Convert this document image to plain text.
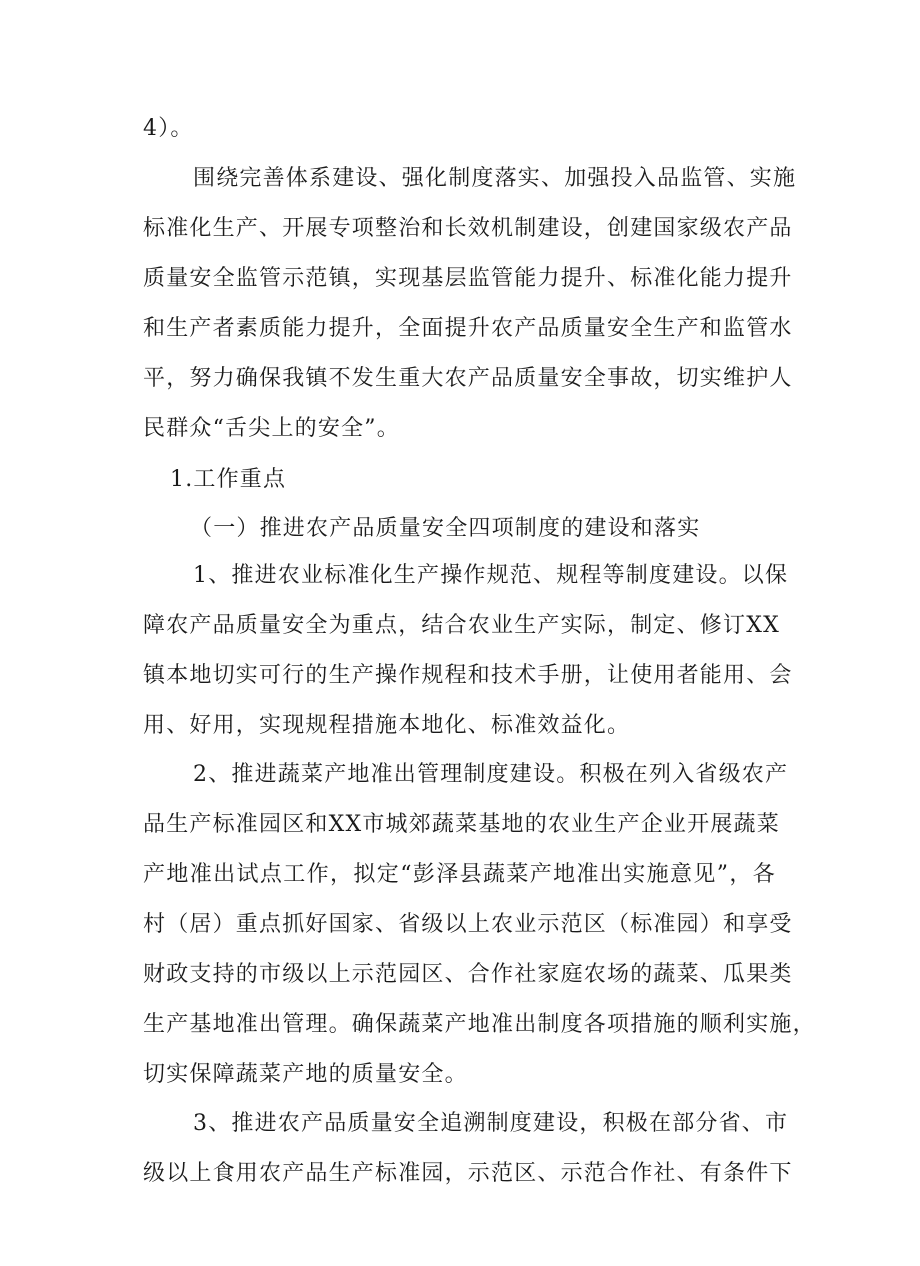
4）。
围绕完善体系建设、强化制度落实、加强投入品监管、实施
标准化生产、开展专项整治和长效机制建设，创建国家级农产品
质量安全监管示范镇，实现基层监管能力提升、标准化能力提升
和生产者素质能力提升，全面提升农产品质量安全生产和监管水
平，努力确保我镇不发生重大农产品质量安全事故，切实维护人
民群众“舌尖上的安全”。
1.工作重点
（一）推进农产品质量安全四项制度的建设和落实
1、推进农业标准化生产操作规范、规程等制度建设。以保
障农产品质量安全为重点，结合农业生产实际，制定、修订XX
镇本地切实可行的生产操作规程和技术手册，让使用者能用、会
用、好用，实现规程措施本地化、标准效益化。
2、推进蔬菜产地准出管理制度建设。积极在列入省级农产
品生产标准园区和XX市城郊蔬菜基地的农业生产企业开展蔬菜
产地准出试点工作，拟定“彭泽县蔬菜产地准出实施意见”，各
村（居）重点抓好国家、省级以上农业示范区（标准园）和享受
财政支持的市级以上示范园区、合作社家庭农场的蔬菜、瓜果类
生产基地准出管理。确保蔬菜产地准出制度各项措施的顺利实施，
切实保障蔬菜产地的质量安全。
3、推进农产品质量安全追溯制度建设，积极在部分省、市
级以上食用农产品生产标准园，示范区、示范合作社、有条件下
